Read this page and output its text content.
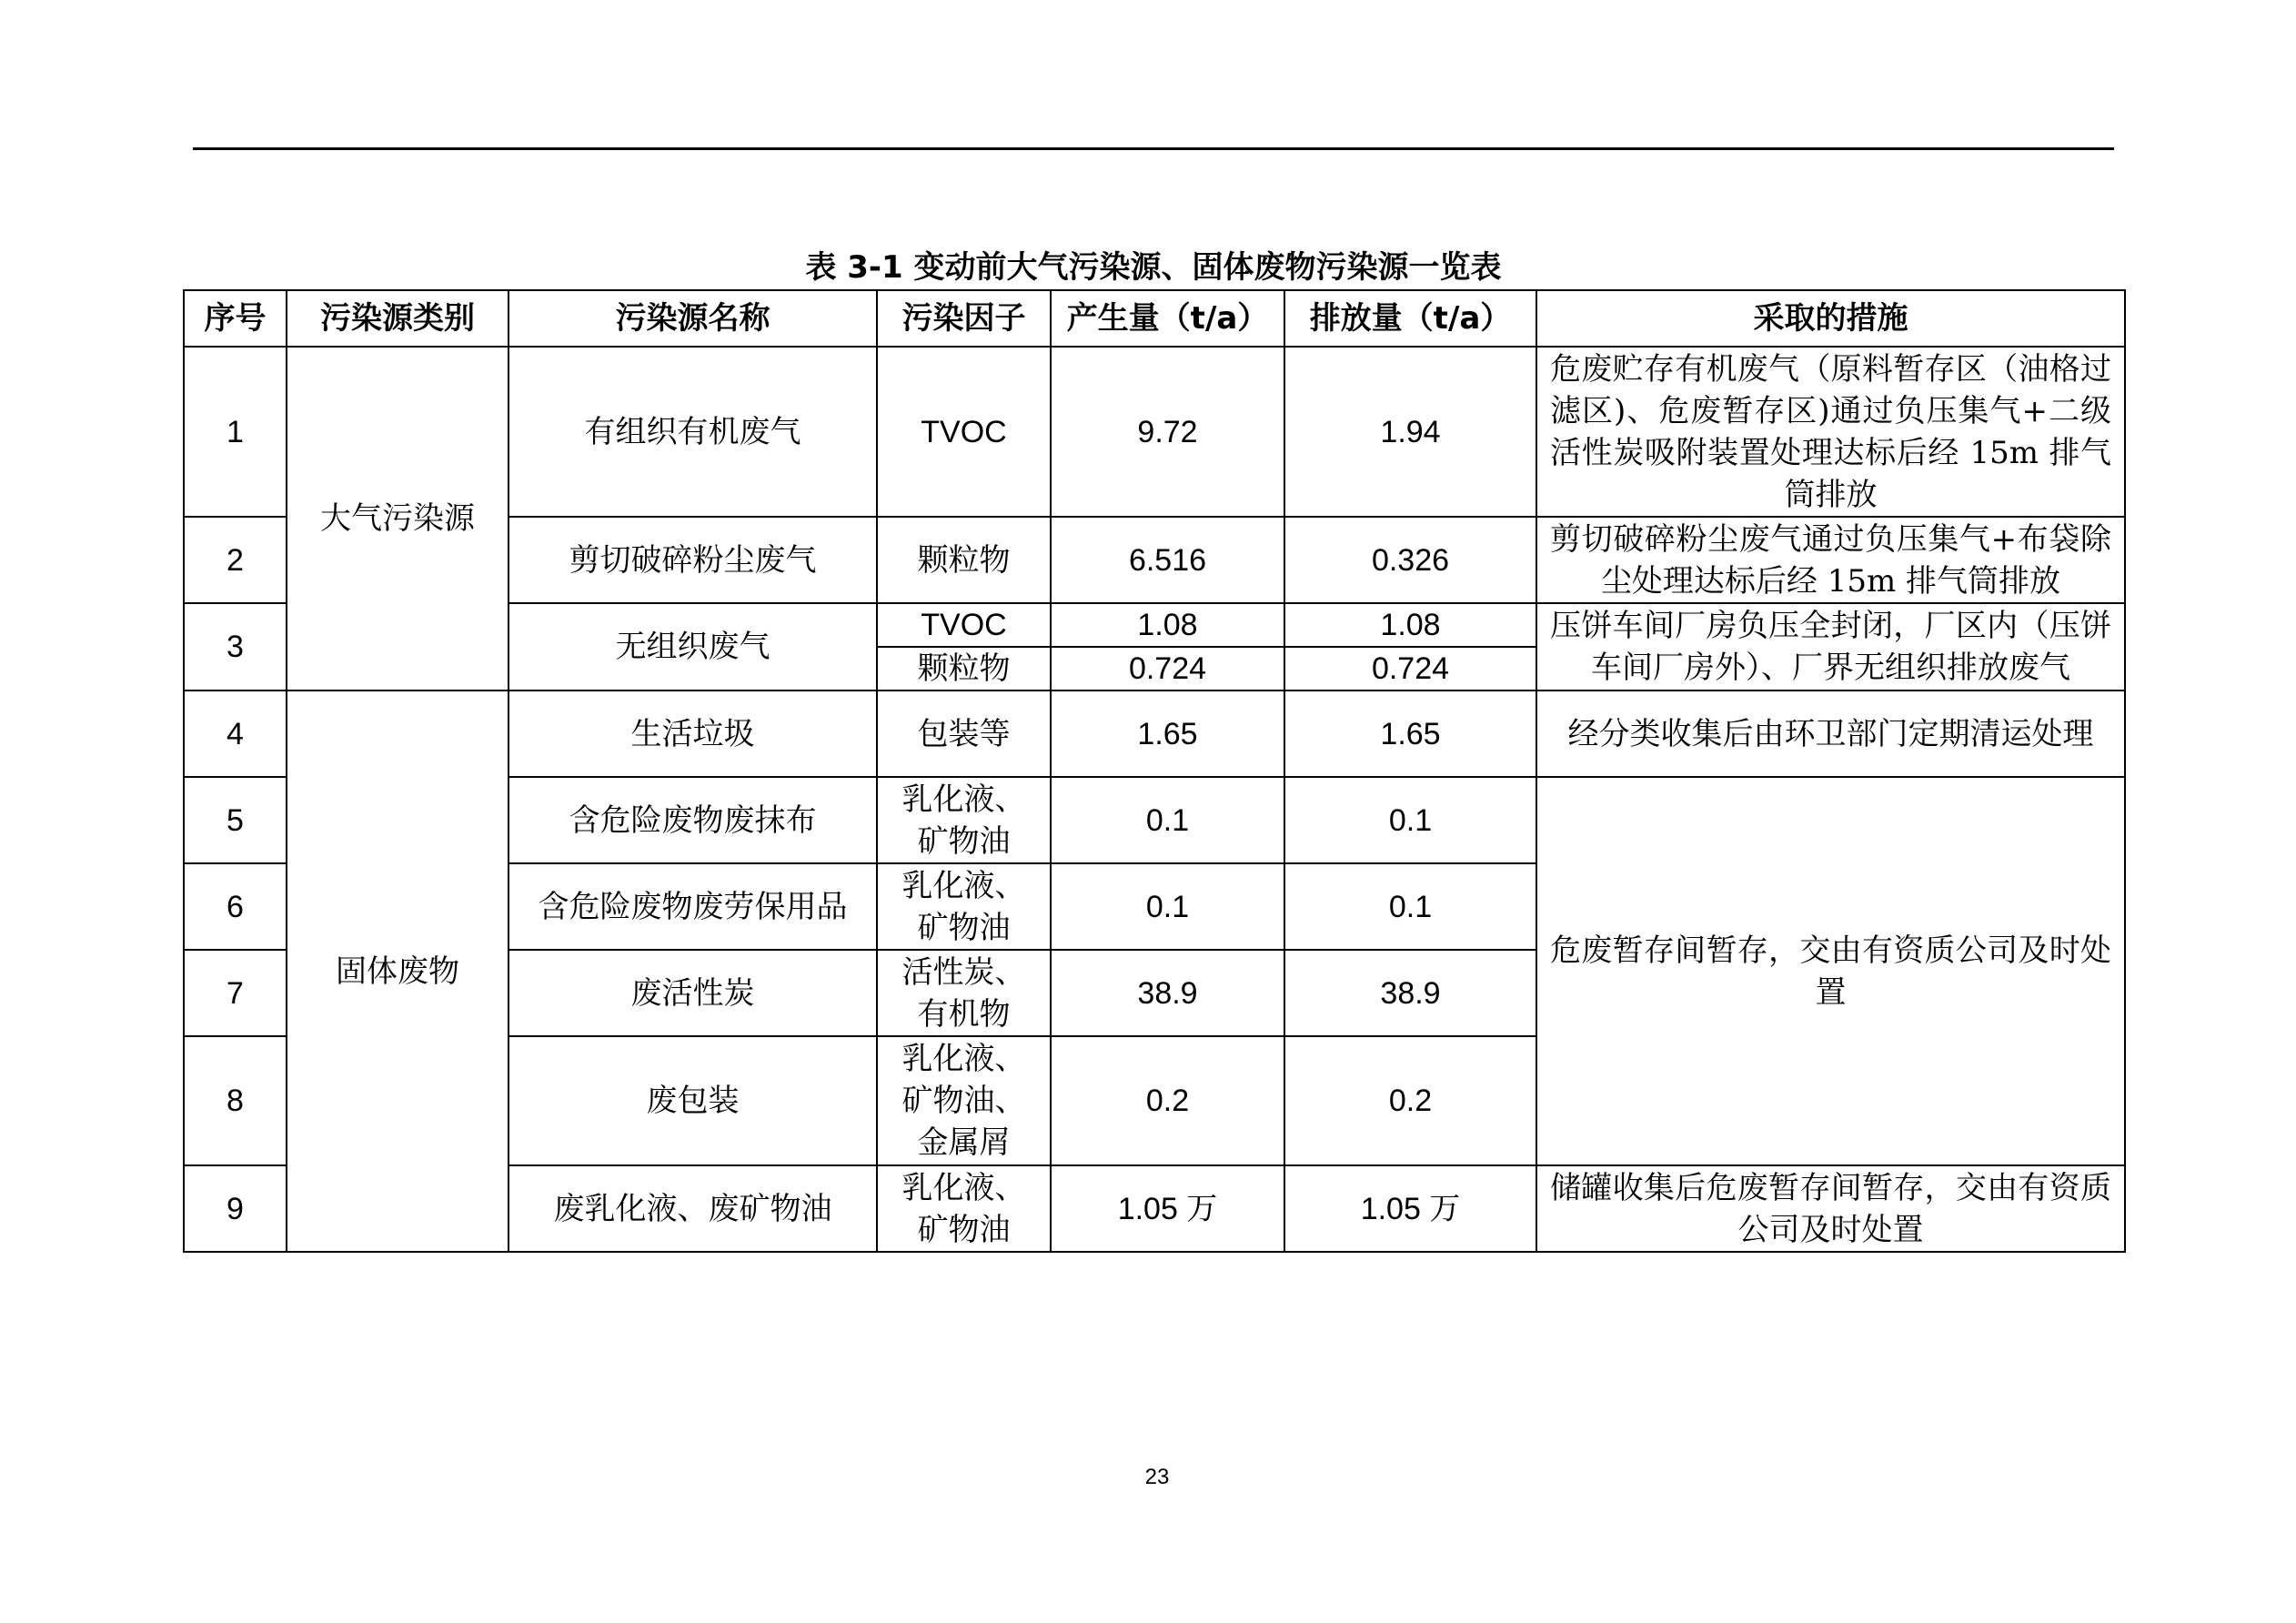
表 3-1 变动前大气污染源、固体废物污染源一览表
序号	污染源类别	污染源名称	污染因子	产生量（t/a）	排放量（t/a）	采取的措施
1	大气污染源	有组织有机废气	TVOC	9.72	1.94	危废贮存有机废气（原料暂存区（油格过滤区)、危废暂存区)通过负压集气+二级活性炭吸附装置处理达标后经 15m 排气筒排放
2		剪切破碎粉尘废气	颗粒物	6.516	0.326	剪切破碎粉尘废气通过负压集气+布袋除尘处理达标后经 15m 排气筒排放
3		无组织废气	TVOC	1.08	1.08	压饼车间厂房负压全封闭，厂区内（压饼车间厂房外）、厂界无组织排放废气
			颗粒物	0.724	0.724	
4	固体废物	生活垃圾	包装等	1.65	1.65	经分类收集后由环卫部门定期清运处理
5		含危险废物废抹布	乳化液、矿物油	0.1	0.1	危废暂存间暂存，交由有资质公司及时处置
6		含危险废物废劳保用品	乳化液、矿物油	0.1	0.1	
7		废活性炭	活性炭、有机物	38.9	38.9	
8		废包装	乳化液、矿物油、金属屑	0.2	0.2	
9		废乳化液、废矿物油	乳化液、矿物油	1.05 万	1.05 万	储罐收集后危废暂存间暂存，交由有资质公司及时处置
23
